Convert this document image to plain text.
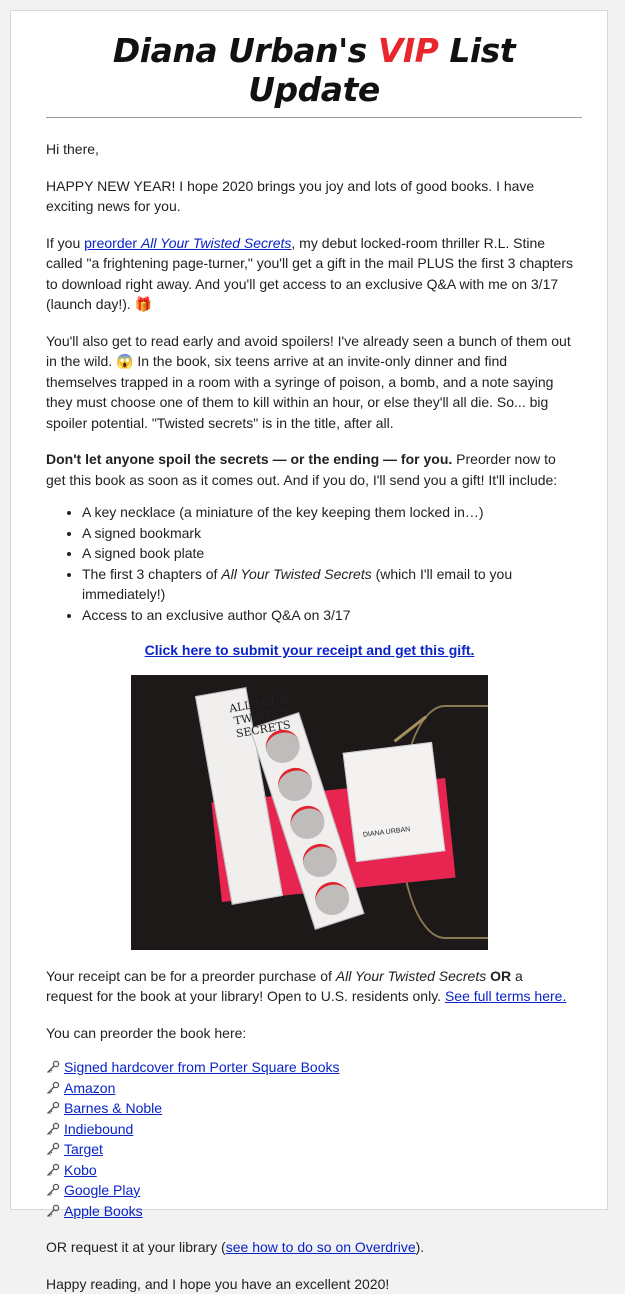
Diana Urban's VIP List Update

Hi there,

HAPPY NEW YEAR! I hope 2020 brings you joy and lots of good books. I have exciting news for you.

If you preorder All Your Twisted Secrets, my debut locked-room thriller R.L. Stine called "a frightening page-turner," you'll get a gift in the mail PLUS the first 3 chapters to download right away. And you'll get access to an exclusive Q&A with me on 3/17 (launch day!). 🎁

You'll also get to read early and avoid spoilers! I've already seen a bunch of them out in the wild. 😱 In the book, six teens arrive at an invite-only dinner and find themselves trapped in a room with a syringe of poison, a bomb, and a note saying they must choose one of them to kill within an hour, or else they'll all die. So... big spoiler potential. "Twisted secrets" is in the title, after all.

Don't let anyone spoil the secrets — or the ending — for you. Preorder now to get this book as soon as it comes out. And if you do, I'll send you a gift! It'll include:

• A key necklace (a miniature of the key keeping them locked in…)
• A signed bookmark
• A signed book plate
• The first 3 chapters of All Your Twisted Secrets (which I'll email to you immediately!)
• Access to an exclusive author Q&A on 3/17
Click here to submit your receipt and get this gift.
ALL YOUR TWISTED SECRETS
DIANA URBAN

Your receipt can be for a preorder purchase of All Your Twisted Secrets OR a request for the book at your library! Open to U.S. residents only. See full terms here.

You can preorder the book here:

Signed hardcover from Porter Square Books
Amazon
Barnes & Noble
Indiebound
Target
Kobo
Google Play
Apple Books

OR request it at your library (see how to do so on Overdrive).

Happy reading, and I hope you have an excellent 2020!
